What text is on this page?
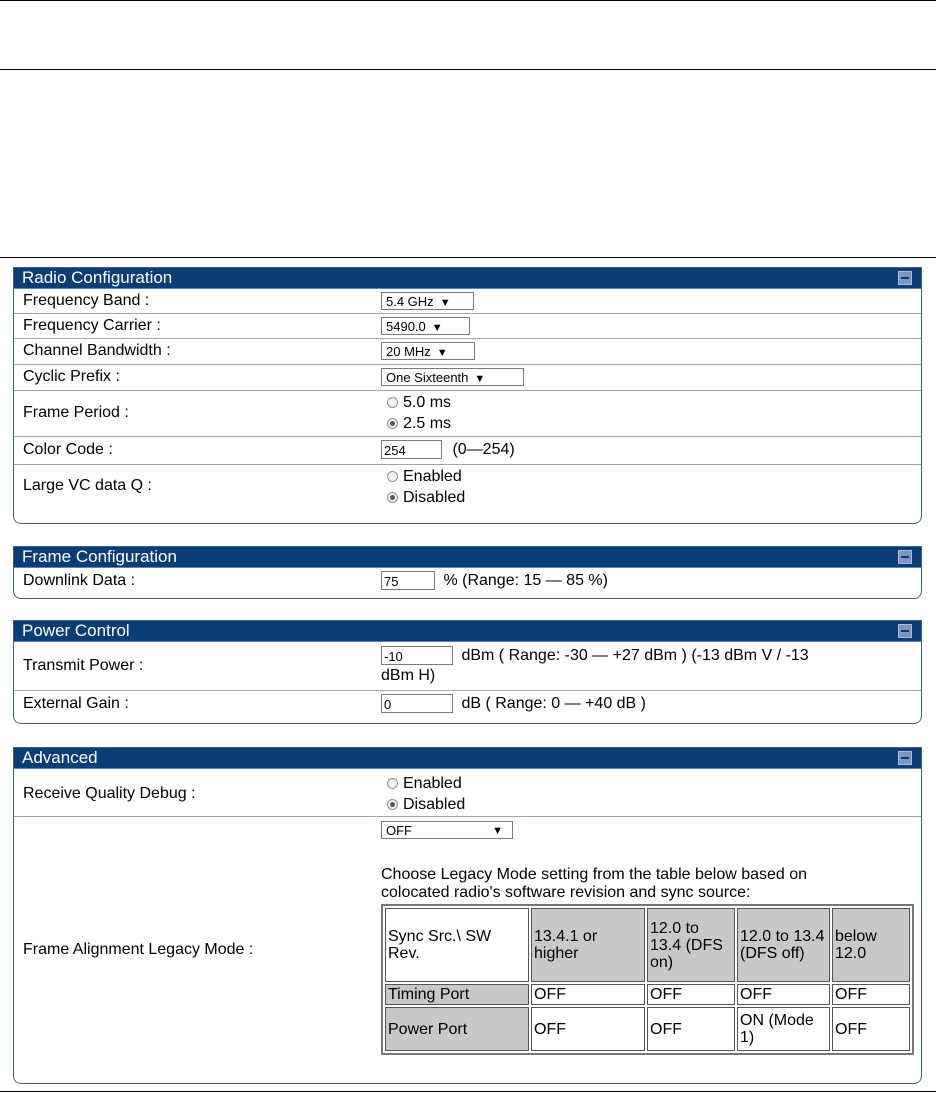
Radio Configuration
Frequency Band :	5.4 GHz ▼
Frequency Carrier :	5490.0 ▼
Channel Bandwidth :	20 MHz ▼
Cyclic Prefix :	One Sixteenth ▼
Frame Period :
5.0 ms
2.5 ms
Color Code :	254	(0—254)
Large VC data Q :
Enabled
Disabled
Frame Configuration
Downlink Data :	75	% (Range: 15 — 85 %)
Power Control
Transmit Power :
-10	dBm ( Range: -30 — +27 dBm ) (-13 dBm V / -13
dBm H)
External Gain :	0	dB ( Range: 0 — +40 dB )
Advanced
Receive Quality Debug :
Enabled
Disabled
Frame Alignment Legacy Mode :
OFF	▼
Choose Legacy Mode setting from the table below based on
colocated radio's software revision and sync source:
Sync Src.\ SW Rev.	13.4.1 or higher	12.0 to 13.4 (DFS on)	12.0 to 13.4 (DFS off)	below 12.0
Timing Port	OFF	OFF	OFF	OFF
Power Port	OFF	OFF	ON (Mode 1)	OFF
